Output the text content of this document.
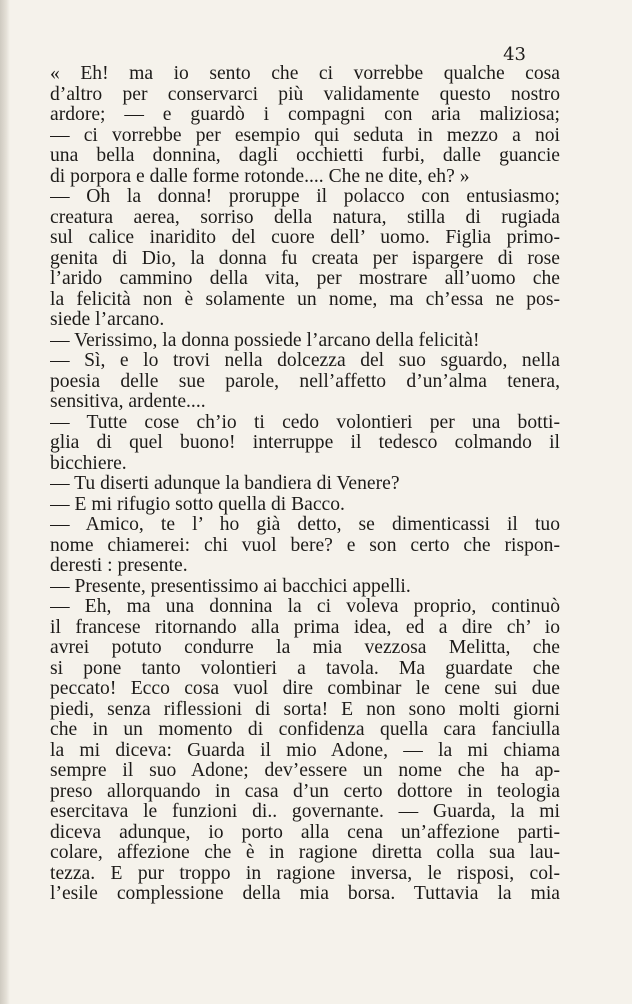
43
« Eh! ma io sento che ci vorrebbe qualche cosa
d’altro per conservarci più validamente questo nostro
ardore; — e guardò i compagni con aria maliziosa;
— ci vorrebbe per esempio qui seduta in mezzo a noi
una bella donnina, dagli occhietti furbi, dalle guancie
di porpora e dalle forme rotonde.... Che ne dite, eh? »
— Oh la donna! proruppe il polacco con entusiasmo;
creatura aerea, sorriso della natura, stilla di rugiada
sul calice inaridito del cuore dell’ uomo. Figlia primo-
genita di Dio, la donna fu creata per ispargere di rose
l’arido cammino della vita, per mostrare all’uomo che
la felicità non è solamente un nome, ma ch’essa ne pos-
siede l’arcano.
— Verissimo, la donna possiede l’arcano della felicità!
— Sì, e lo trovi nella dolcezza del suo sguardo, nella
poesia delle sue parole, nell’affetto d’un’alma tenera,
sensitiva, ardente....
— Tutte cose ch’io ti cedo volontieri per una botti-
glia di quel buono! interruppe il tedesco colmando il
bicchiere.
— Tu diserti adunque la bandiera di Venere?
— E mi rifugio sotto quella di Bacco.
— Amico, te l’ ho già detto, se dimenticassi il tuo
nome chiamerei: chi vuol bere? e son certo che rispon-
deresti : presente.
— Presente, presentissimo ai bacchici appelli.
— Eh, ma una donnina la ci voleva proprio, continuò
il francese ritornando alla prima idea, ed a dire ch’ io
avrei potuto condurre la mia vezzosa Melitta, che
si pone tanto volontieri a tavola. Ma guardate che
peccato! Ecco cosa vuol dire combinar le cene sui due
piedi, senza riflessioni di sorta! E non sono molti giorni
che in un momento di confidenza quella cara fanciulla
la mi diceva: Guarda il mio Adone, — la mi chiama
sempre il suo Adone; dev’essere un nome che ha ap-
preso allorquando in casa d’un certo dottore in teologia
esercitava le funzioni di.. governante. — Guarda, la mi
diceva adunque, io porto alla cena un’affezione parti-
colare, affezione che è in ragione diretta colla sua lau-
tezza. E pur troppo in ragione inversa, le risposi, col-
l’esile complessione della mia borsa. Tuttavia la mia
